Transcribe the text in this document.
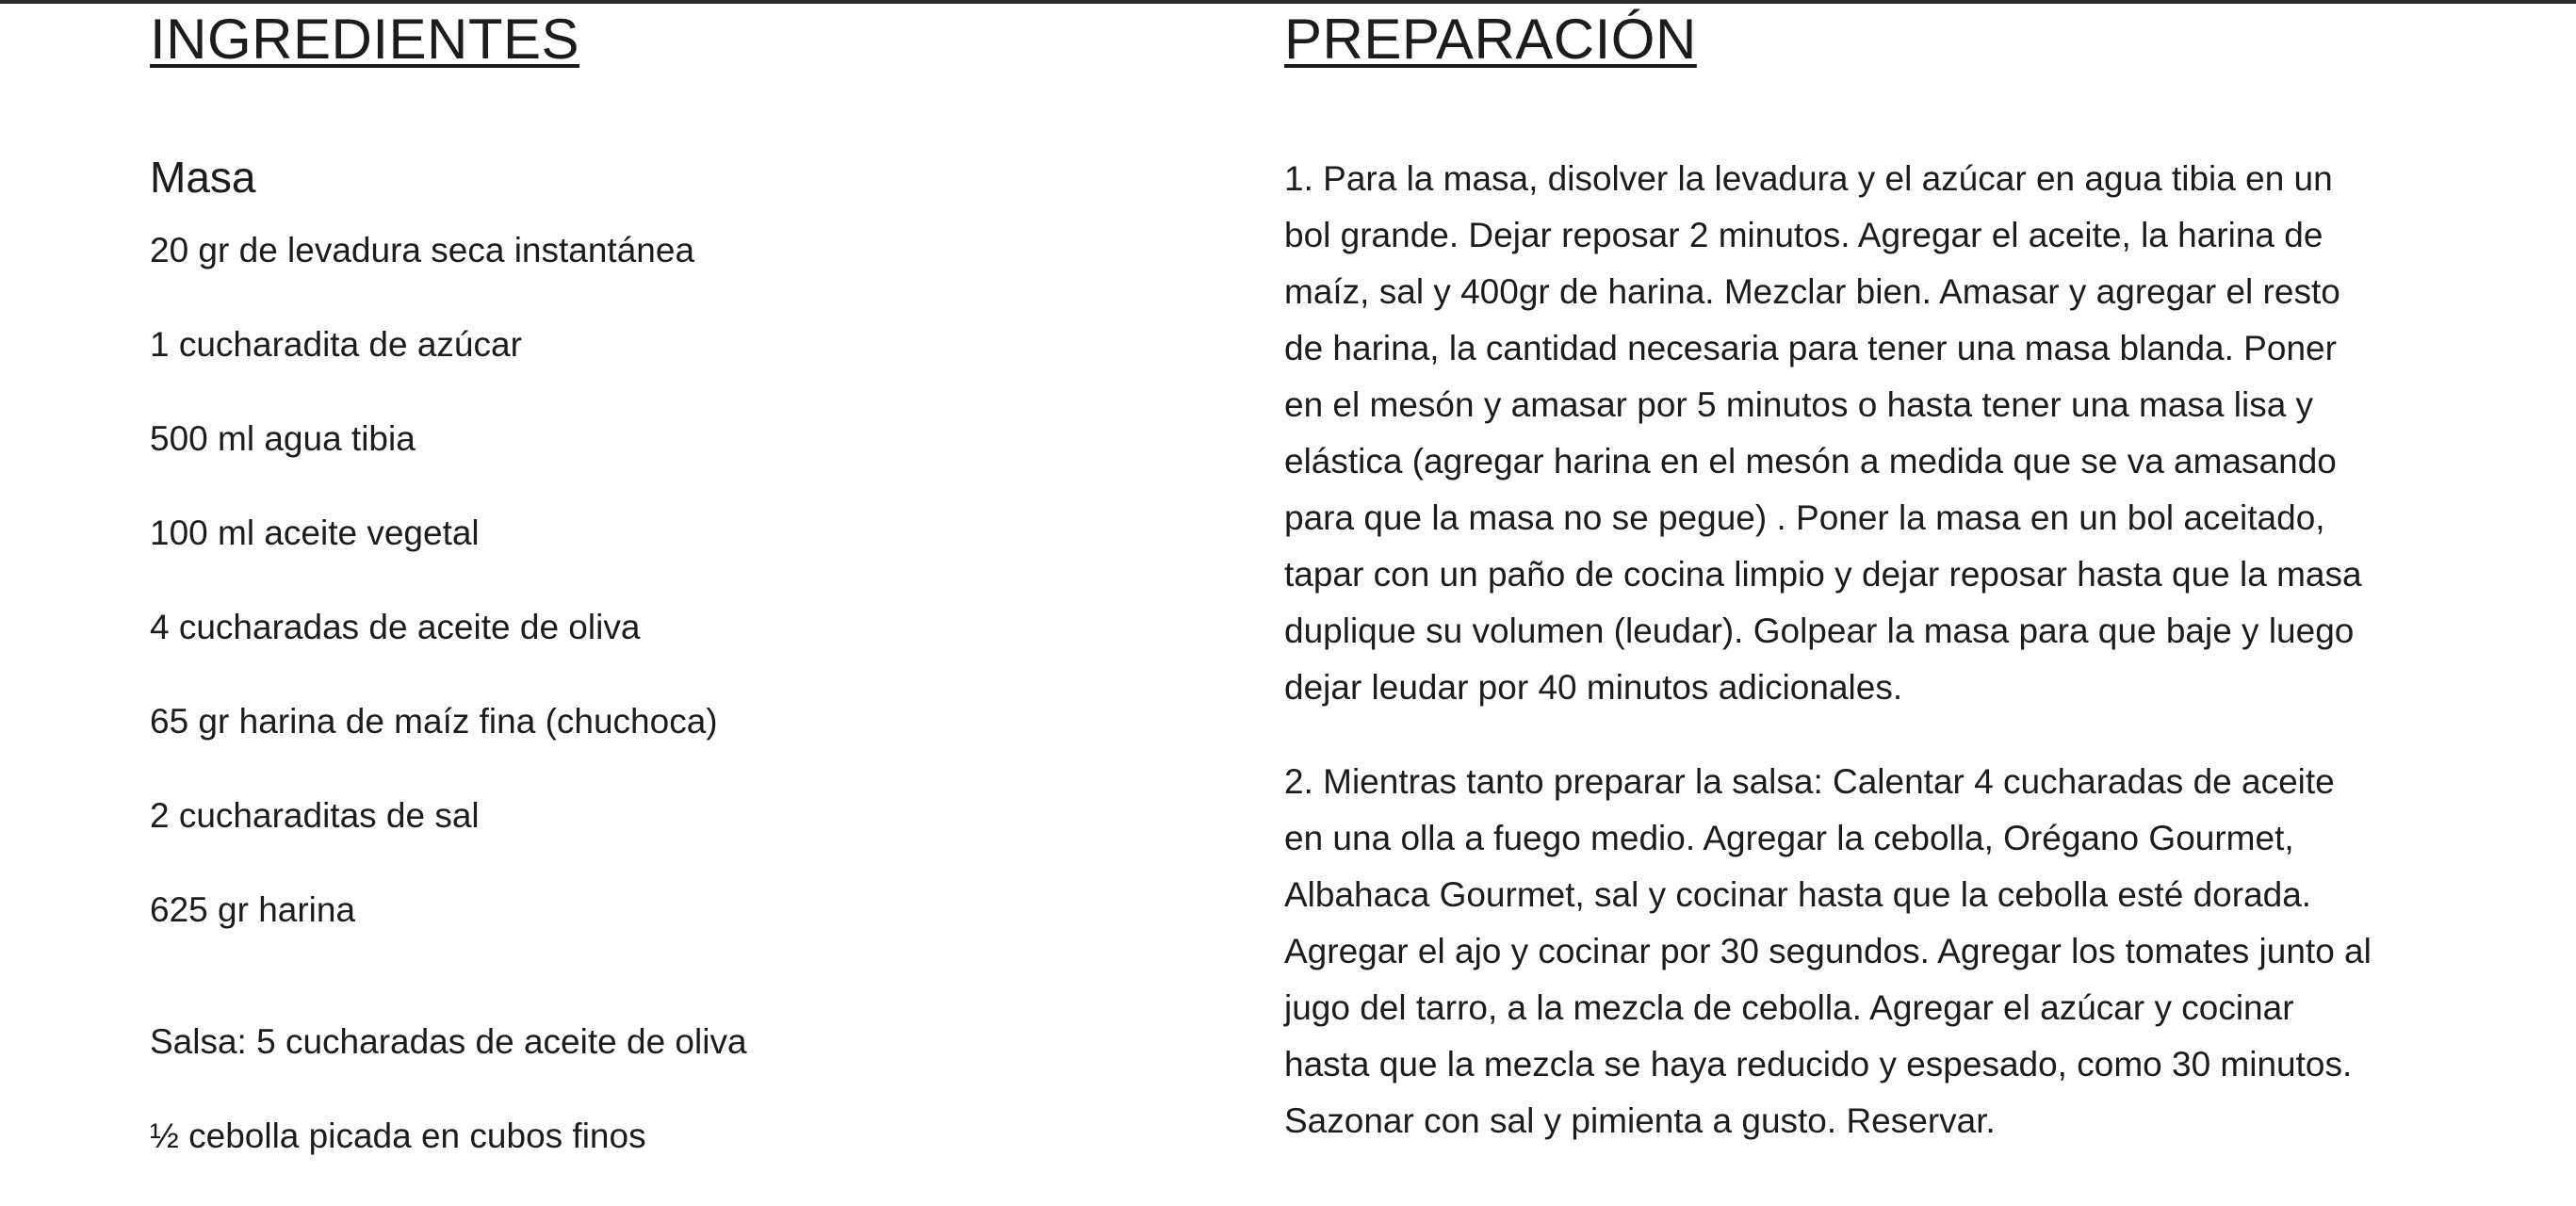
INGREDIENTES
Masa
20 gr de levadura seca instantánea
1 cucharadita de azúcar
500 ml agua tibia
100 ml aceite vegetal
4 cucharadas de aceite de oliva
65 gr harina de maíz fina (chuchoca)
2 cucharaditas de sal
625 gr harina
Salsa: 5 cucharadas de aceite de oliva
½ cebolla picada en cubos finos
PREPARACIÓN

1. Para la masa, disolver la levadura y el azúcar en agua tibia en un bol grande. Dejar reposar 2 minutos. Agregar el aceite, la harina de maíz, sal y 400gr de harina. Mezclar bien. Amasar y agregar el resto de harina, la cantidad necesaria para tener una masa blanda. Poner en el mesón y amasar por 5 minutos o hasta tener una masa lisa y elástica (agregar harina en el mesón a medida que se va amasando para que la masa no se pegue) . Poner la masa en un bol aceitado, tapar con un paño de cocina limpio y dejar reposar hasta que la masa duplique su volumen (leudar). Golpear la masa para que baje y luego dejar leudar por 40 minutos adicionales.

2. Mientras tanto preparar la salsa: Calentar 4 cucharadas de aceite en una olla a fuego medio. Agregar la cebolla, Orégano Gourmet, Albahaca Gourmet, sal y cocinar hasta que la cebolla esté dorada. Agregar el ajo y cocinar por 30 segundos. Agregar los tomates junto al jugo del tarro, a la mezcla de cebolla. Agregar el azúcar y cocinar hasta que la mezcla se haya reducido y espesado, como 30 minutos. Sazonar con sal y pimienta a gusto. Reservar.
